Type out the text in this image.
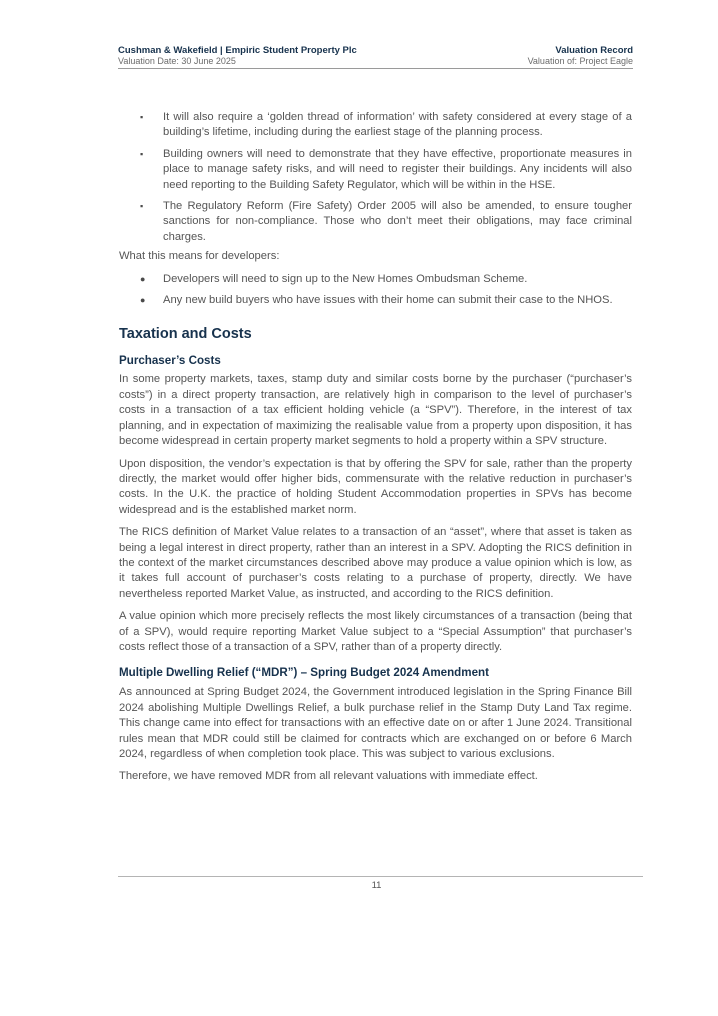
Cushman & Wakefield | Empiric Student Property Plc	Valuation Record
Valuation Date: 30 June 2025	Valuation of: Project Eagle
▪ It will also require a ‘golden thread of information’ with safety considered at every stage of a building’s lifetime, including during the earliest stage of the planning process.
▪ Building owners will need to demonstrate that they have effective, proportionate measures in place to manage safety risks, and will need to register their buildings. Any incidents will also need reporting to the Building Safety Regulator, which will be within in the HSE.
▪ The Regulatory Reform (Fire Safety) Order 2005 will also be amended, to ensure tougher sanctions for non-compliance. Those who don’t meet their obligations, may face criminal charges.

What this means for developers:

● Developers will need to sign up to the New Homes Ombudsman Scheme.
● Any new build buyers who have issues with their home can submit their case to the NHOS.
Taxation and Costs
Purchaser’s Costs

In some property markets, taxes, stamp duty and similar costs borne by the purchaser (“purchaser’s costs”) in a direct property transaction, are relatively high in comparison to the level of purchaser’s costs in a transaction of a tax efficient holding vehicle (a “SPV”). Therefore, in the interest of tax planning, and in expectation of maximizing the realisable value from a property upon disposition, it has become widespread in certain property market segments to hold a property within a SPV structure.

Upon disposition, the vendor’s expectation is that by offering the SPV for sale, rather than the property directly, the market would offer higher bids, commensurate with the relative reduction in purchaser’s costs. In the U.K. the practice of holding Student Accommodation properties in SPVs has become widespread and is the established market norm.

The RICS definition of Market Value relates to a transaction of an “asset”, where that asset is taken as being a legal interest in direct property, rather than an interest in a SPV. Adopting the RICS definition in the context of the market circumstances described above may produce a value opinion which is low, as it takes full account of purchaser’s costs relating to a purchase of property, directly. We have nevertheless reported Market Value, as instructed, and according to the RICS definition.

A value opinion which more precisely reflects the most likely circumstances of a transaction (being that of a SPV), would require reporting Market Value subject to a “Special Assumption” that purchaser’s costs reflect those of a transaction of a SPV, rather than of a property directly.

Multiple Dwelling Relief (“MDR”) – Spring Budget 2024 Amendment

As announced at Spring Budget 2024, the Government introduced legislation in the Spring Finance Bill 2024 abolishing Multiple Dwellings Relief, a bulk purchase relief in the Stamp Duty Land Tax regime. This change came into effect for transactions with an effective date on or after 1 June 2024. Transitional rules mean that MDR could still be claimed for contracts which are exchanged on or before 6 March 2024, regardless of when completion took place. This was subject to various exclusions.

Therefore, we have removed MDR from all relevant valuations with immediate effect.

11
